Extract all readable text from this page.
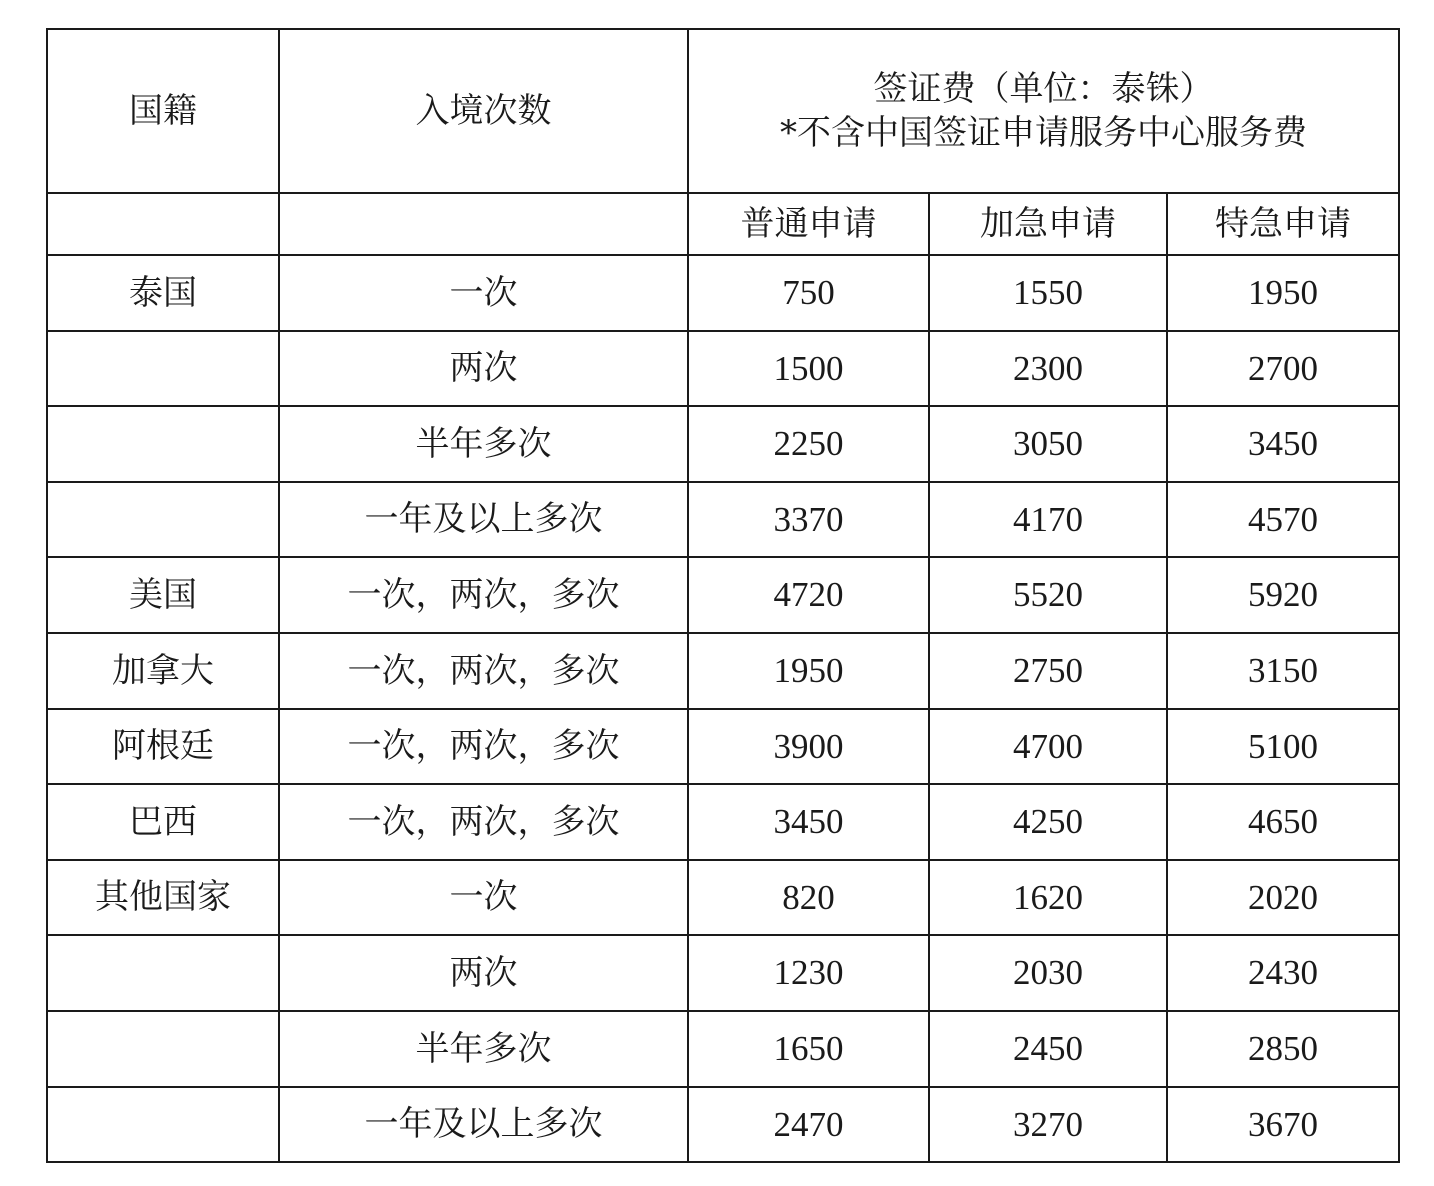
国籍	入境次数	签证费（单位：泰铢）
*不含中国签证申请服务中心服务费		

		普通申请	加急申请	特急申请
泰国	一次	750	1550	1950
	两次	1500	2300	2700
	半年多次	2250	3050	3450
	一年及以上多次	3370	4170	4570
美国	一次，两次，多次	4720	5520	5920
加拿大	一次，两次，多次	1950	2750	3150
阿根廷	一次，两次，多次	3900	4700	5100
巴西	一次，两次，多次	3450	4250	4650
其他国家	一次	820	1620	2020
	两次	1230	2030	2430
	半年多次	1650	2450	2850
	一年及以上多次	2470	3270	3670
